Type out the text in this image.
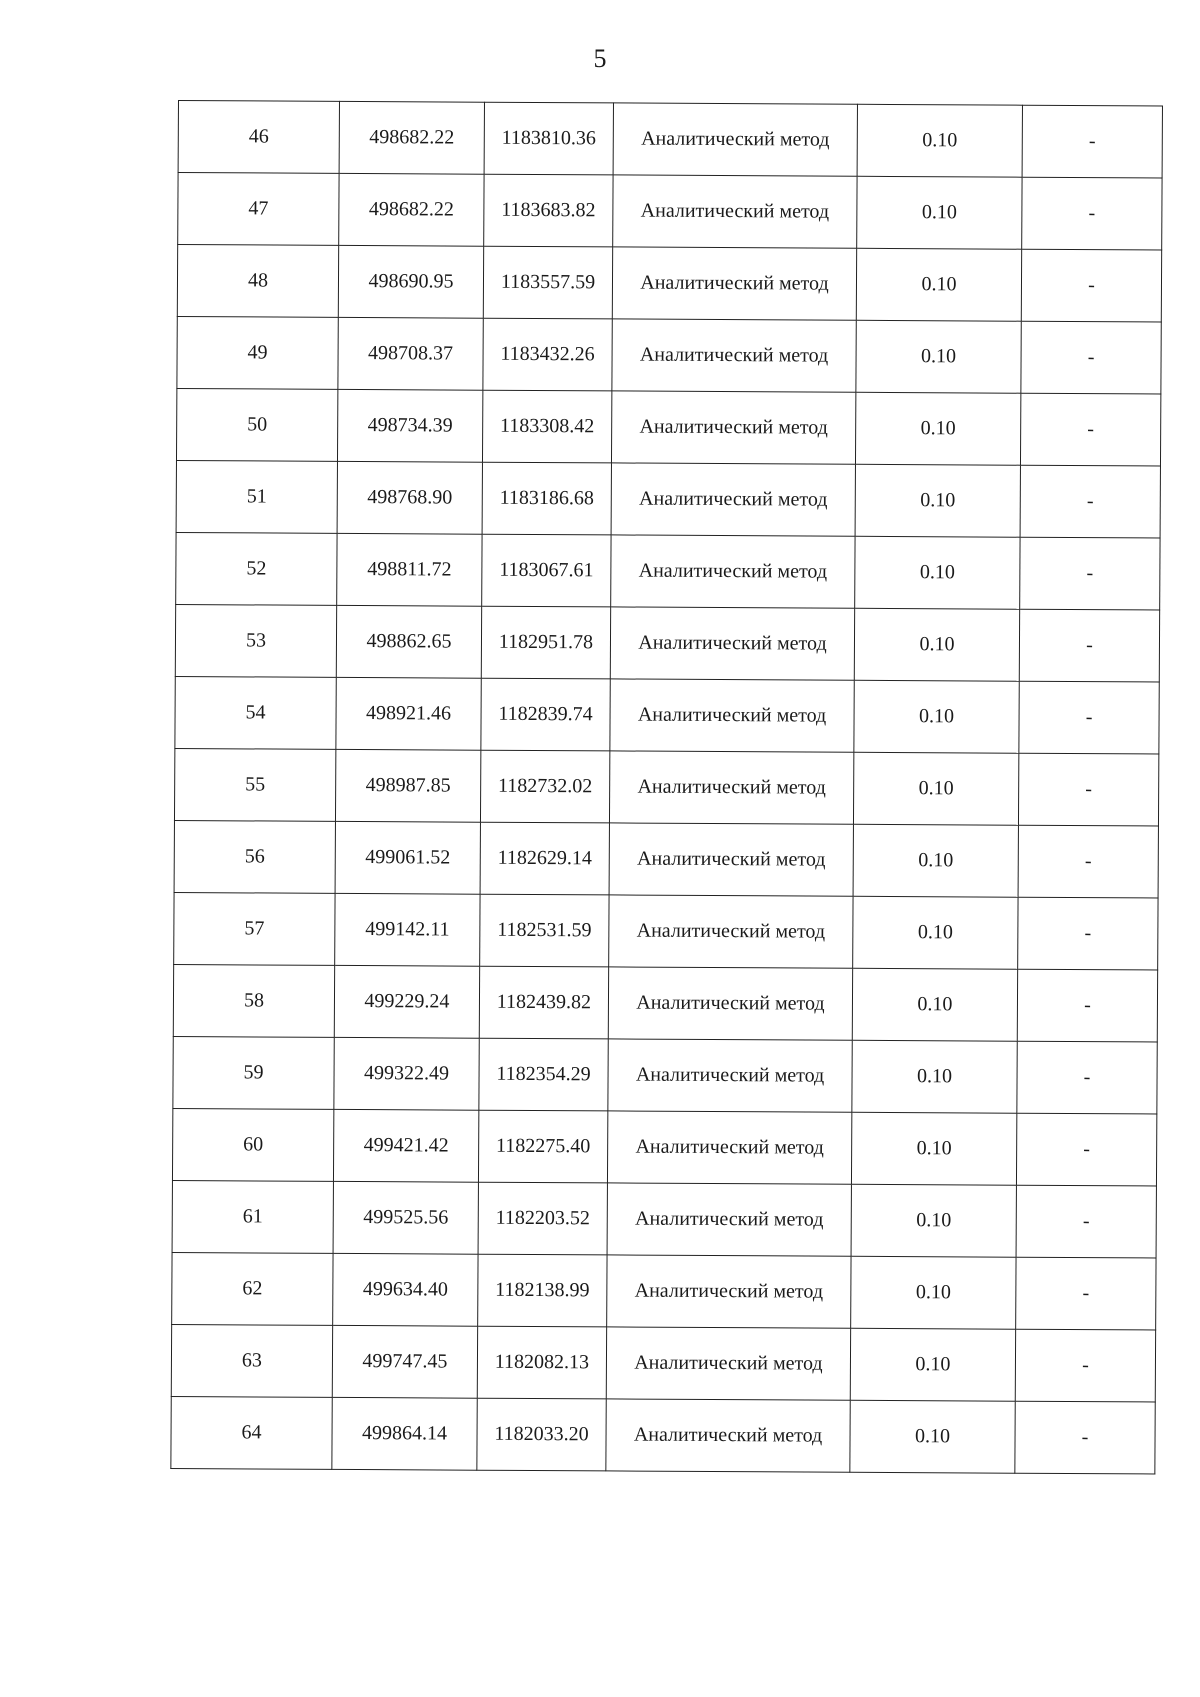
5
46	498682.22	1183810.36	Аналитический метод	0.10	-
47	498682.22	1183683.82	Аналитический метод	0.10	-
48	498690.95	1183557.59	Аналитический метод	0.10	-
49	498708.37	1183432.26	Аналитический метод	0.10	-
50	498734.39	1183308.42	Аналитический метод	0.10	-
51	498768.90	1183186.68	Аналитический метод	0.10	-
52	498811.72	1183067.61	Аналитический метод	0.10	-
53	498862.65	1182951.78	Аналитический метод	0.10	-
54	498921.46	1182839.74	Аналитический метод	0.10	-
55	498987.85	1182732.02	Аналитический метод	0.10	-
56	499061.52	1182629.14	Аналитический метод	0.10	-
57	499142.11	1182531.59	Аналитический метод	0.10	-
58	499229.24	1182439.82	Аналитический метод	0.10	-
59	499322.49	1182354.29	Аналитический метод	0.10	-
60	499421.42	1182275.40	Аналитический метод	0.10	-
61	499525.56	1182203.52	Аналитический метод	0.10	-
62	499634.40	1182138.99	Аналитический метод	0.10	-
63	499747.45	1182082.13	Аналитический метод	0.10	-
64	499864.14	1182033.20	Аналитический метод	0.10	-
